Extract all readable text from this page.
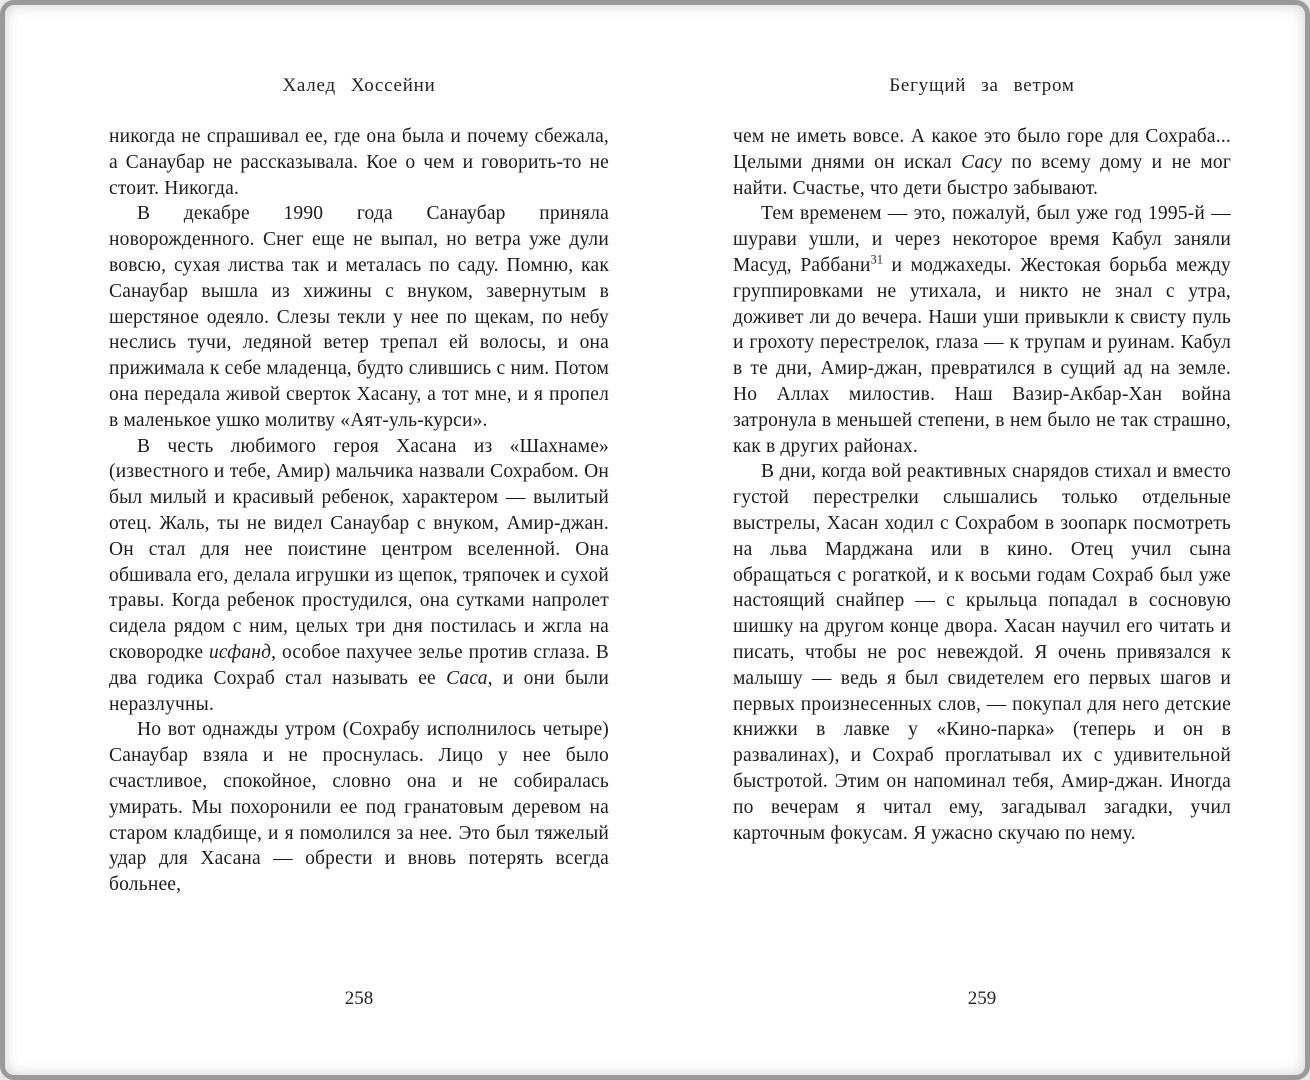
Халед Хоссейни

никогда не спрашивал ее, где она была и почему сбежала, а Санаубар не рассказывала. Кое о чем и говорить-то не стоит. Никогда.

В декабре 1990 года Санаубар приняла новорожденного. Снег еще не выпал, но ветра уже дули вовсю, сухая листва так и металась по саду. Помню, как Санаубар вышла из хижины с внуком, завернутым в шерстяное одеяло. Слезы текли у нее по щекам, по небу неслись тучи, ледяной ветер трепал ей волосы, и она прижимала к себе младенца, будто слившись с ним. Потом она передала живой сверток Хасану, а тот мне, и я пропел в маленькое ушко молитву «Аят-уль-курси».

В честь любимого героя Хасана из «Шахнаме» (известного и тебе, Амир) мальчика назвали Сохрабом. Он был милый и красивый ребенок, характером — вылитый отец. Жаль, ты не видел Санаубар с внуком, Амир-джан. Он стал для нее поистине центром вселенной. Она обшивала его, делала игрушки из щепок, тряпочек и сухой травы. Когда ребенок простудился, она сутками напролет сидела рядом с ним, целых три дня постилась и жгла на сковородке исфанд, особое пахучее зелье против сглаза. В два годика Сохраб стал называть ее Саса, и они были неразлучны.

Но вот однажды утром (Сохрабу исполнилось четыре) Санаубар взяла и не проснулась. Лицо у нее было счастливое, спокойное, словно она и не собиралась умирать. Мы похоронили ее под гранатовым деревом на старом кладбище, и я помолился за нее. Это был тяжелый удар для Хасана — обрести и вновь потерять всегда больнее,

258
Бегущий за ветром

чем не иметь вовсе. А какое это было горе для Сохраба... Целыми днями он искал Сасу по всему дому и не мог найти. Счастье, что дети быстро забывают.

Тем временем — это, пожалуй, был уже год 1995-й — шурави ушли, и через некоторое время Кабул заняли Масуд, Раббани$^{31}$ и моджахеды. Жестокая борьба между группировками не утихала, и никто не знал с утра, доживет ли до вечера. Наши уши привыкли к свисту пуль и грохоту перестрелок, глаза — к трупам и руинам. Кабул в те дни, Амир-джан, превратился в сущий ад на земле. Но Аллах милостив. Наш Вазир-Акбар-Хан война затронула в меньшей степени, в нем было не так страшно, как в других районах.

В дни, когда вой реактивных снарядов стихал и вместо густой перестрелки слышались только отдельные выстрелы, Хасан ходил с Сохрабом в зоопарк посмотреть на льва Марджана или в кино. Отец учил сына обращаться с рогаткой, и к восьми годам Сохраб был уже настоящий снайпер — с крыльца попадал в сосновую шишку на другом конце двора. Хасан научил его читать и писать, чтобы не рос невеждой. Я очень привязался к малышу — ведь я был свидетелем его первых шагов и первых произнесенных слов, — покупал для него детские книжки в лавке у «Кино-парка» (теперь и он в развалинах), и Сохраб проглатывал их с удивительной быстротой. Этим он напоминал тебя, Амир-джан. Иногда по вечерам я читал ему, загадывал загадки, учил карточным фокусам. Я ужасно скучаю по нему.

259
